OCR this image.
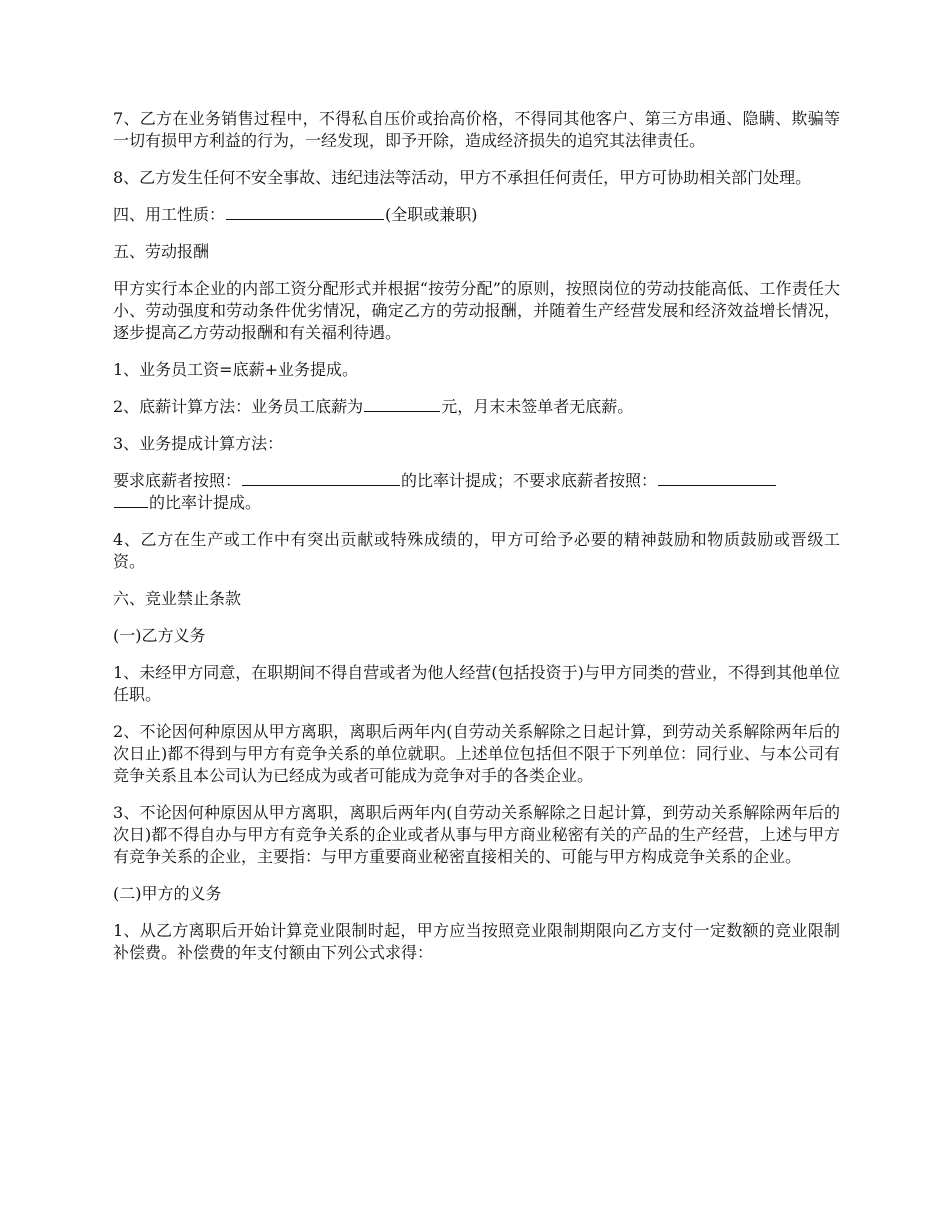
7、乙方在业务销售过程中，不得私自压价或抬高价格，不得同其他客户、第三方串通、隐瞒、欺骗等一切有损甲方利益的行为，一经发现，即予开除，造成经济损失的追究其法律责任。

8、乙方发生任何不安全事故、违纪违法等活动，甲方不承担任何责任，甲方可协助相关部门处理。

四、用工性质：	(全职或兼职)

五、劳动报酬

甲方实行本企业的内部工资分配形式并根据“按劳分配”的原则，按照岗位的劳动技能高低、工作责任大小、劳动强度和劳动条件优劣情况，确定乙方的劳动报酬，并随着生产经营发展和经济效益增长情况，逐步提高乙方劳动报酬和有关福利待遇。

1、业务员工资=底薪+业务提成。

2、底薪计算方法：业务员工底薪为	元，月末未签单者无底薪。

3、业务提成计算方法：

要求底薪者按照：	的比率计提成；不要求底薪者按照：
的比率计提成。

4、乙方在生产或工作中有突出贡献或特殊成绩的，甲方可给予必要的精神鼓励和物质鼓励或晋级工资。

六、竞业禁止条款

(一)乙方义务

1、未经甲方同意，在职期间不得自营或者为他人经营(包括投资于)与甲方同类的营业，不得到其他单位任职。

2、不论因何种原因从甲方离职，离职后两年内(自劳动关系解除之日起计算，到劳动关系解除两年后的次日止)都不得到与甲方有竞争关系的单位就职。上述单位包括但不限于下列单位：同行业、与本公司有竞争关系且本公司认为已经成为或者可能成为竞争对手的各类企业。

3、不论因何种原因从甲方离职，离职后两年内(自劳动关系解除之日起计算，到劳动关系解除两年后的次日)都不得自办与甲方有竞争关系的企业或者从事与甲方商业秘密有关的产品的生产经营，上述与甲方有竞争关系的企业，主要指：与甲方重要商业秘密直接相关的、可能与甲方构成竞争关系的企业。

(二)甲方的义务

1、从乙方离职后开始计算竞业限制时起，甲方应当按照竞业限制期限向乙方支付一定数额的竞业限制补偿费。补偿费的年支付额由下列公式求得：
